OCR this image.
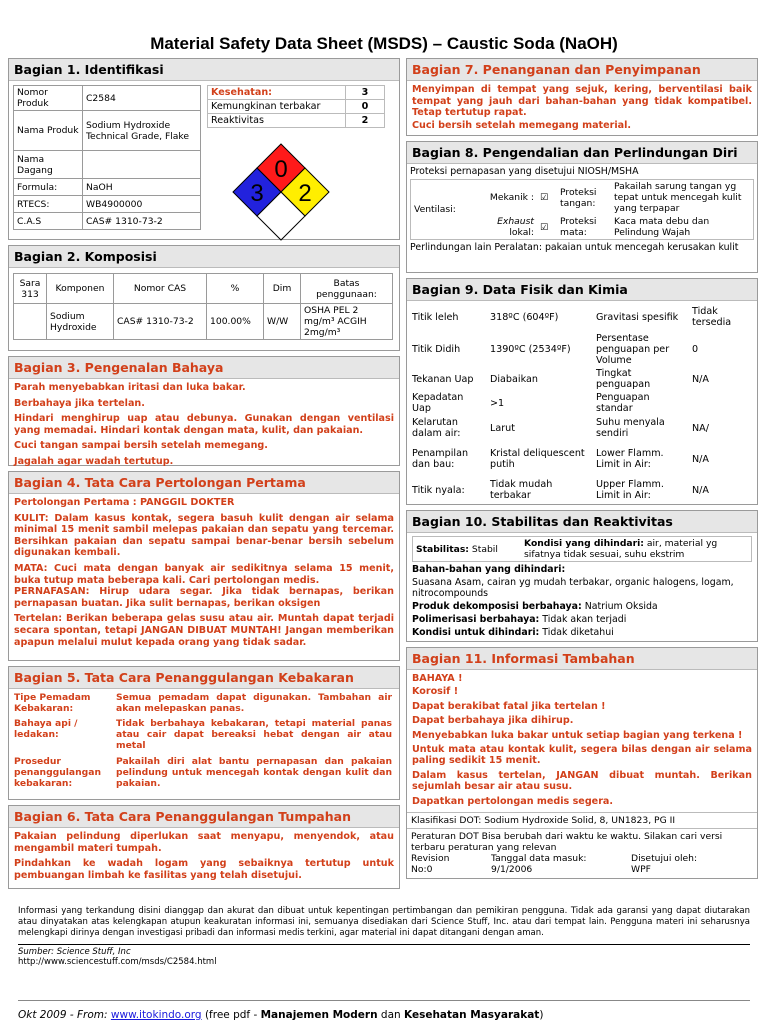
Material Safety Data Sheet (MSDS) – Caustic Soda (NaOH)
Bagian 1. Identifikasi
Nomor Produk	C2584
Nama Produk	Sodium Hydroxide Technical Grade, Flake
Nama Dagang	
Formula:	NaOH
RTECS:	WB4900000
C.A.S	CAS# 1310-73-2
Kesehatan:	3
Kemungkinan terbakar	0
Reaktivitas	2
0
3 2
Bagian 2. Komposisi
Sara 313	Komponen	Nomor CAS	%	Dim	Batas penggunaan:
	Sodium Hydroxide	CAS# 1310-73-2	100.00%	W/W	OSHA PEL 2 mg/m³ ACGIH 2mg/m³
Bagian 3. Pengenalan Bahaya

Parah menyebabkan iritasi dan luka bakar.

Berbahaya jika tertelan.

Hindari menghirup uap atau debunya. Gunakan dengan ventilasi yang memadai. Hindari kontak dengan mata, kulit, dan pakaian.

Cuci tangan sampai bersih setelah memegang.

Jagalah agar wadah tertutup.

Bagian 4. Tata Cara Pertolongan Pertama

Pertolongan Pertama : PANGGIL DOKTER

KULIT: Dalam kasus kontak, segera basuh kulit dengan air selama minimal 15 menit sambil melepas pakaian dan sepatu yang tercemar. Bersihkan pakaian dan sepatu sampai benar-benar bersih sebelum digunakan kembali.

MATA: Cuci mata dengan banyak air sedikitnya selama 15 menit, buka tutup mata beberapa kali. Cari pertolongan medis.

PERNAFASAN: Hirup udara segar. Jika tidak bernapas, berikan pernapasan buatan. Jika sulit bernapas, berikan oksigen

Tertelan: Berikan beberapa gelas susu atau air. Muntah dapat terjadi secara spontan, tetapi JANGAN DIBUAT MUNTAH! Jangan memberikan apapun melalui mulut kepada orang yang tidak sadar.

Bagian 5. Tata Cara Penanggulangan Kebakaran
Tipe Pemadam Kebakaran:	Semua pemadam dapat digunakan. Tambahan air akan melepaskan panas.
Bahaya api / ledakan:	Tidak berbahaya kebakaran, tetapi material panas atau cair dapat bereaksi hebat dengan air atau metal
Prosedur penanggulangan kebakaran:	Pakailah diri alat bantu pernapasan dan pakaian pelindung untuk mencegah kontak dengan kulit dan pakaian.
Bagian 6. Tata Cara Penanggulangan Tumpahan

Pakaian pelindung diperlukan saat menyapu, menyendok, atau mengambil materi tumpah.

Pindahkan ke wadah logam yang sebaiknya tertutup untuk pembuangan limbah ke fasilitas yang telah disetujui.

Bagian 7. Penanganan dan Penyimpanan

Menyimpan di tempat yang sejuk, kering, berventilasi baik tempat yang jauh dari bahan-bahan yang tidak kompatibel. Tetap tertutup rapat.

Cuci bersih setelah memegang material.

Bagian 8. Pengendalian dan Perlindungan Diri
Proteksi pernapasan yang disetujui NIOSH/MSHA
Ventilasi:	Mekanik :	☑	Proteksi tangan:	Pakailah sarung tangan yg tepat untuk mencegah kulit yang terpapar
	Exhaust lokal:	☑	Proteksi mata:	Kaca mata debu dan Pelindung Wajah
Perlindungan lain Peralatan: pakaian untuk mencegah kerusakan kulit
Bagian 9. Data Fisik dan Kimia
Titik leleh	318ºC (604ºF)	Gravitasi spesifik	Tidak tersedia
Titik Didih	1390ºC (2534ºF)	Persentase penguapan per Volume	0
Tekanan Uap	Diabaikan	Tingkat penguapan	N/A
Kepadatan Uap	>1	Penguapan standar	
Kelarutan dalam air:	Larut	Suhu menyala sendiri	NA/
Penampilan dan bau:	Kristal deliquescent putih	Lower Flamm. Limit in Air:	N/A
Titik nyala:	Tidak mudah terbakar	Upper Flamm. Limit in Air:	N/A
Bagian 10. Stabilitas dan Reaktivitas
Stabilitas: Stabil	Kondisi yang dihindari: air, material yg sifatnya tidak sesuai, suhu ekstrim
Bahan-bahan yang dihindari:
Suasana Asam, cairan yg mudah terbakar, organic halogens, logam, nitrocompounds
Produk dekomposisi berbahaya: Natrium Oksida
Polimerisasi berbahaya: Tidak akan terjadi
Kondisi untuk dihindari: Tidak diketahui
Bagian 11. Informasi Tambahan

BAHAYA !

Korosif !

Dapat berakibat fatal jika tertelan !

Dapat berbahaya jika dihirup.

Menyebabkan luka bakar untuk setiap bagian yang terkena !

Untuk mata atau kontak kulit, segera bilas dengan air selama paling sedikit 15 menit.

Dalam kasus tertelan, JANGAN dibuat muntah. Berikan sejumlah besar air atau susu.

Dapatkan pertolongan medis segera.

Klasifikasi DOT: Sodium Hydroxide Solid, 8, UN1823, PG II
Peraturan DOT Bisa berubah dari waktu ke waktu. Silakan cari versi terbaru peraturan yang relevan
Revision	Tanggal data masuk:	Disetujui oleh:
No:0	9/1/2006	WPF
Informasi yang terkandung disini dianggap dan akurat dan dibuat untuk kepentingan pertimbangan dan pemikiran pengguna. Tidak ada garansi yang dapat diutarakan atau dinyatakan atas kelengkapan atupun keakuratan informasi ini, semuanya disediakan dari Science Stuff, Inc. atau dari tempat lain. Pengguna materi ini seharusnya melengkapi dirinya dengan investigasi pribadi dan informasi medis terkini, agar material ini dapat ditangani dengan aman.
Sumber: Science Stuff, Inc
http://www.sciencestuff.com/msds/C2584.html
Okt 2009 - From: www.itokindo.org (free pdf - Manajemen Modern dan Kesehatan Masyarakat)
